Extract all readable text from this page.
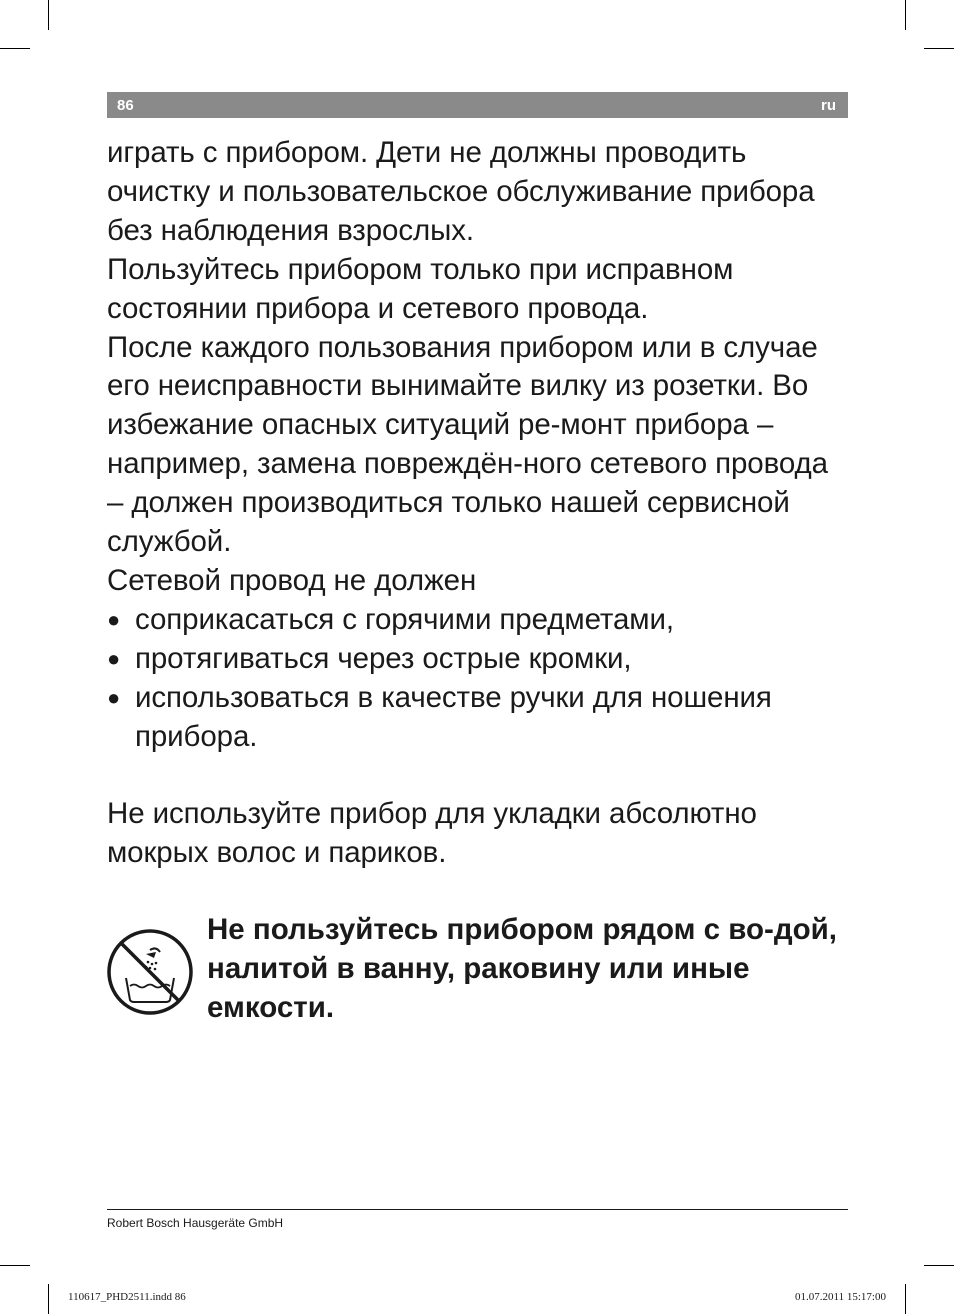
86	ru

играть с прибором. Дети не должны проводить очистку и пользовательское обслуживание прибора без наблюдения взрослых.

Пользуйтесь прибором только при исправном состоянии прибора и сетевого провода.

После каждого пользования прибором или в случае его неисправности вынимайте вилку из розетки. Во избежание опасных ситуаций ре-монт прибора – например, замена повреждён-ного сетевого провода – должен производиться только нашей сервисной службой.

Сетевой провод не должен

● соприкасаться с горячими предметами,
● протягиваться через острые кромки,
● использоваться в качестве ручки для ношения прибора.

Не используйте прибор для укладки абсолютно мокрых волос и париков.

Не пользуйтесь прибором рядом с во-дой, налитой в ванну, раковину или иные емкости.

Robert Bosch Hausgeräte GmbH
110617_PHD2511.indd 86	01.07.2011 15:17:00
